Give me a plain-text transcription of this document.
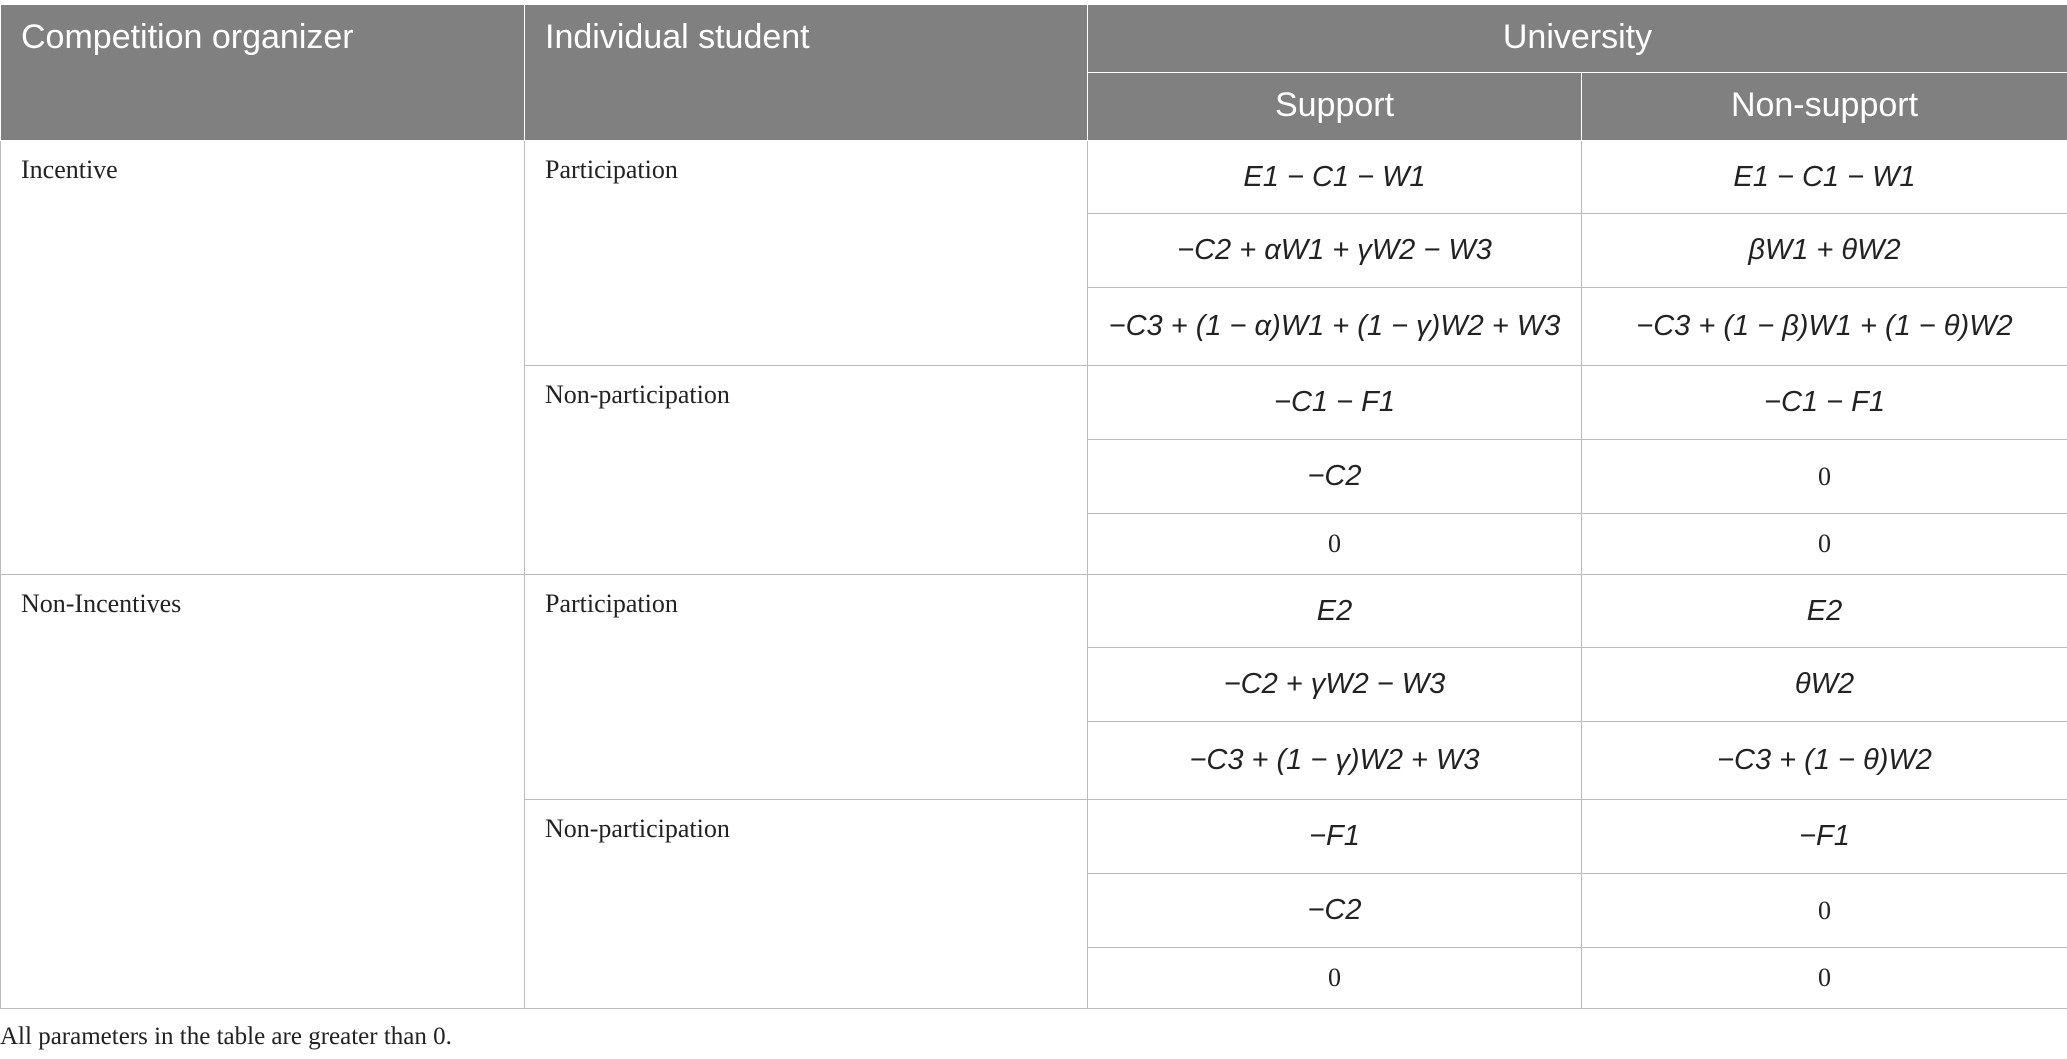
Competition organizer	Individual student	University	
		Support	Non-support
Incentive	Participation	E1 − C1 − W1	E1 − C1 − W1
		−C2 + αW1 + γW2 − W3	βW1 + θW2
		−C3 + (1 − α)W1 + (1 − γ)W2 + W3	−C3 + (1 − β)W1 + (1 − θ)W2
	Non-participation	−C1 − F1	−C1 − F1
		−C2	0
		0	0
Non-Incentives	Participation	E2	E2
		−C2 + γW2 − W3	θW2
		−C3 + (1 − γ)W2 + W3	−C3 + (1 − θ)W2
	Non-participation	−F1	−F1
		−C2	0
		0	0
All parameters in the table are greater than 0.
